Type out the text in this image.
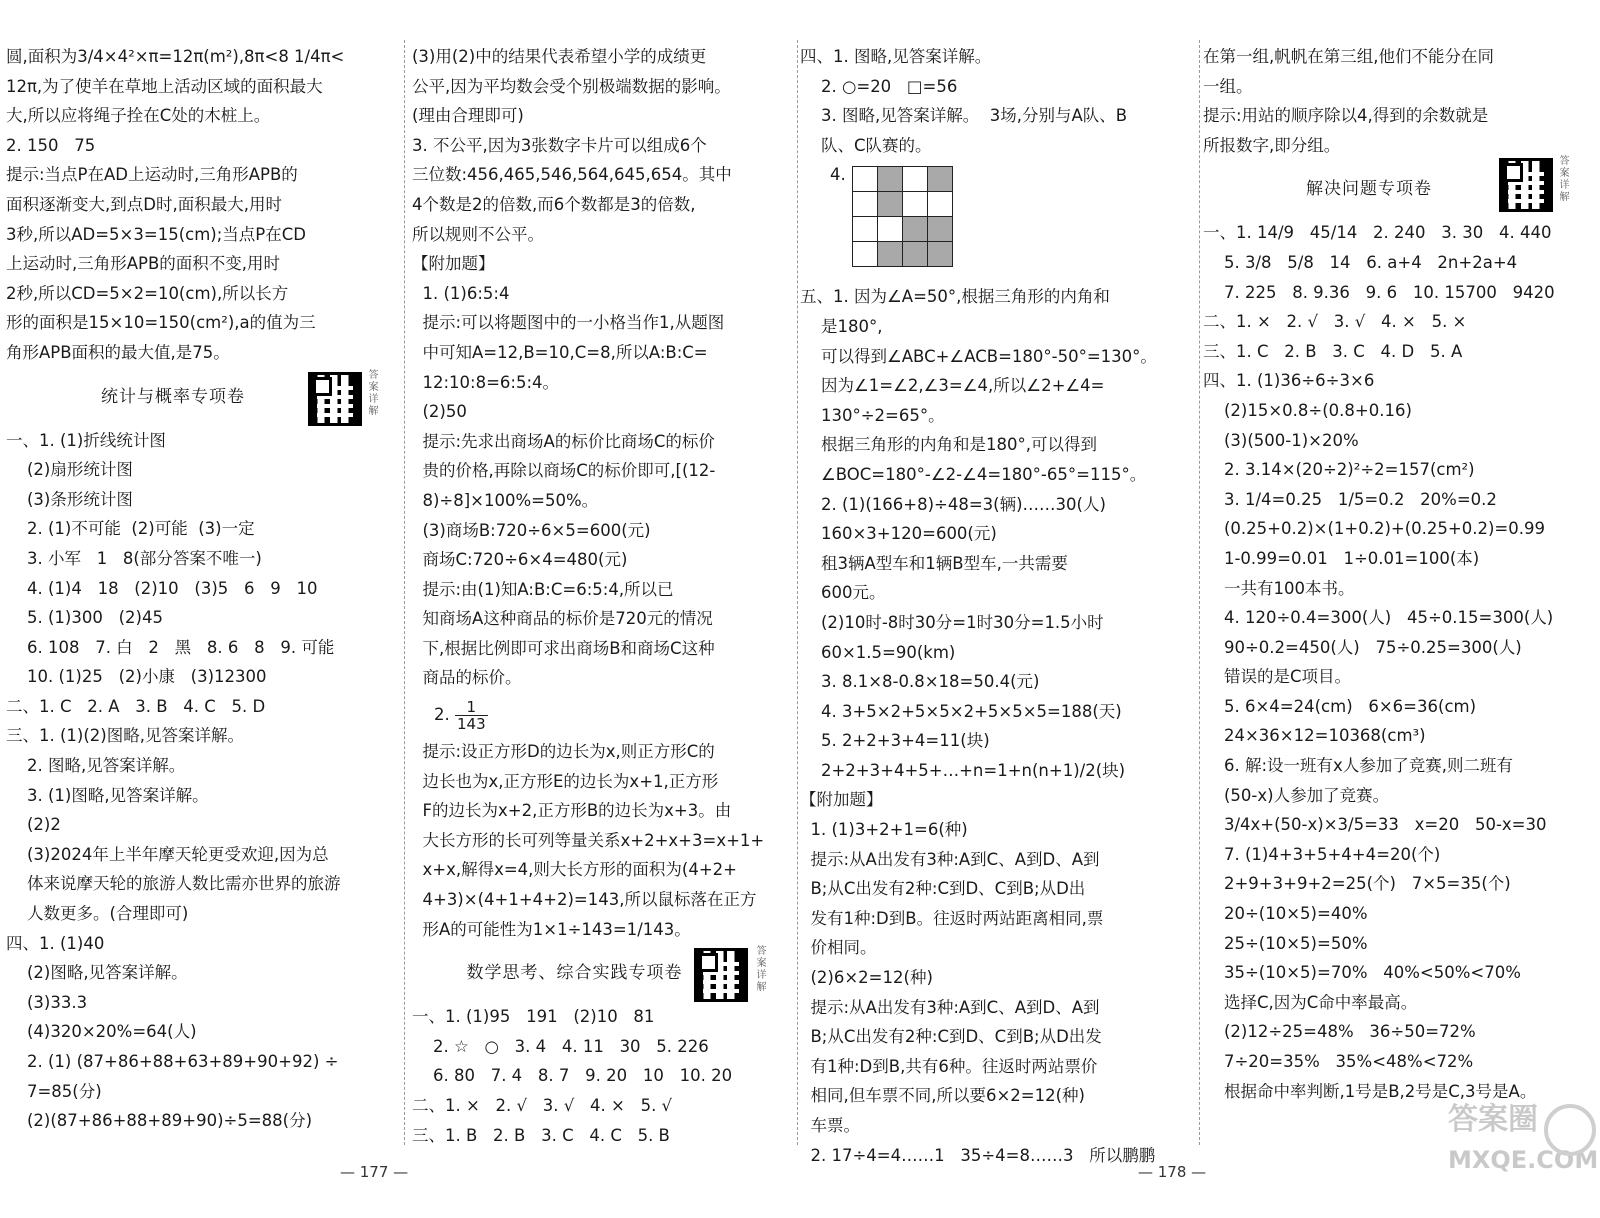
圆,面积为3/4×4²×π=12π(m²),8π<8 1/4π<
12π,为了使羊在草地上活动区域的面积最大
大,所以应将绳子拴在C处的木桩上。
2. 150   75
提示:当点P在AD上运动时,三角形APB的
面积逐渐变大,到点D时,面积最大,用时
3秒,所以AD=5×3=15(cm);当点P在CD
上运动时,三角形APB的面积不变,用时
2秒,所以CD=5×2=10(cm),所以长方
形的面积是15×10=150(cm²),a的值为三
角形APB面积的最大值,是75。
统计与概率专项卷
答案详解
一、1. (1)折线统计图
(2)扇形统计图
(3)条形统计图
2. (1)不可能  (2)可能  (3)一定
3. 小军   1   8(部分答案不唯一)
4. (1)4   18   (2)10   (3)5   6   9   10
5. (1)300   (2)45
6. 108   7. 白   2   黑   8. 6   8   9. 可能
10. (1)25   (2)小康   (3)12300
二、1. C   2. A   3. B   4. C   5. D
三、1. (1)(2)图略,见答案详解。
2. 图略,见答案详解。
3. (1)图略,见答案详解。
(2)2
(3)2024年上半年摩天轮更受欢迎,因为总
体来说摩天轮的旅游人数比需亦世界的旅游
人数更多。(合理即可)
四、1. (1)40
(2)图略,见答案详解。
(3)33.3
(4)320×20%=64(人)
2. (1) (87+86+88+63+89+90+92) ÷
7=85(分)
(2)(87+86+88+89+90)÷5=88(分)
(3)用(2)中的结果代表希望小学的成绩更
公平,因为平均数会受个别极端数据的影响。
(理由合理即可)
3. 不公平,因为3张数字卡片可以组成6个
三位数:456,465,546,564,645,654。其中
4个数是2的倍数,而6个数都是3的倍数,
所以规则不公平。
【附加题】
1. (1)6:5:4
提示:可以将题图中的一小格当作1,从题图
中可知A=12,B=10,C=8,所以A:B:C=
12:10:8=6:5:4。
(2)50
提示:先求出商场A的标价比商场C的标价
贵的价格,再除以商场C的标价即可,[(12-
8)÷8]×100%=50%。
(3)商场B:720÷6×5=600(元)
商场C:720÷6×4=480(元)
提示:由(1)知A:B:C=6:5:4,所以已
知商场A这种商品的标价是720元的情况
下,根据比例即可求出商场B和商场C这种
商品的标价。
2. $\frac{1}{143}$
提示:设正方形D的边长为x,则正方形C的
边长也为x,正方形E的边长为x+1,正方形
F的边长为x+2,正方形B的边长为x+3。由
大长方形的长可列等量关系x+2+x+3=x+1+
x+x,解得x=4,则大长方形的面积为(4+2+
4+3)×(4+1+4+2)=143,所以鼠标落在正方
形A的可能性为1×1÷143=1/143。
数学思考、综合实践专项卷
答案详解
一、1. (1)95   191   (2)10   81
2. ☆   ○   3. 4   4. 11   30   5. 226
6. 80   7. 4   8. 7   9. 20   10   10. 20
二、1. ×   2. √   3. √   4. ×   5. √
三、1. B   2. B   3. C   4. C   5. B
四、1. 图略,见答案详解。
2. ○=20   □=56
3. 图略,见答案详解。  3场,分别与A队、B
队、C队赛的。
4.
五、1. 因为∠A=50°,根据三角形的内角和
是180°,
可以得到∠ABC+∠ACB=180°-50°=130°。
因为∠1=∠2,∠3=∠4,所以∠2+∠4=
130°÷2=65°。
根据三角形的内角和是180°,可以得到
∠BOC=180°-∠2-∠4=180°-65°=115°。
2. (1)(166+8)÷48=3(辆)……30(人)
160×3+120=600(元)
租3辆A型车和1辆B型车,一共需要
600元。
(2)10时-8时30分=1时30分=1.5小时
60×1.5=90(km)
3. 8.1×8-0.8×18=50.4(元)
4. 3+5×2+5×5×2+5×5×5=188(天)
5. 2+2+3+4=11(块)
2+2+3+4+5+…+n=1+n(n+1)/2(块)
【附加题】
1. (1)3+2+1=6(种)
提示:从A出发有3种:A到C、A到D、A到
B;从C出发有2种:C到D、C到B;从D出
发有1种:D到B。往返时两站距离相同,票
价相同。
(2)6×2=12(种)
提示:从A出发有3种:A到C、A到D、A到
B;从C出发有2种:C到D、C到B;从D出发
有1种:D到B,共有6种。往返时两站票价
相同,但车票不同,所以要6×2=12(种)
车票。
2. 17÷4=4……1   35÷4=8……3   所以鹏鹏
在第一组,帆帆在第三组,他们不能分在同
一组。
提示:用站的顺序除以4,得到的余数就是
所报数字,即分组。
解决问题专项卷
答案详解
一、1. 14/9   45/14   2. 240   3. 30   4. 440
5. 3/8   5/8   14   6. a+4   2n+2a+4
7. 225   8. 9.36   9. 6   10. 15700   9420
二、1. ×   2. √   3. √   4. ×   5. ×
三、1. C   2. B   3. C   4. D   5. A
四、1. (1)36÷6÷3×6
(2)15×0.8÷(0.8+0.16)
(3)(500-1)×20%
2. 3.14×(20÷2)²÷2=157(cm²)
3. 1/4=0.25   1/5=0.2   20%=0.2
(0.25+0.2)×(1+0.2)+(0.25+0.2)=0.99
1-0.99=0.01   1÷0.01=100(本)
一共有100本书。
4. 120÷0.4=300(人)   45÷0.15=300(人)
90÷0.2=450(人)   75÷0.25=300(人)
错误的是C项目。
5. 6×4=24(cm)   6×6=36(cm)
24×36×12=10368(cm³)
6. 解:设一班有x人参加了竞赛,则二班有
(50-x)人参加了竞赛。
3/4x+(50-x)×3/5=33   x=20   50-x=30
7. (1)4+3+5+4+4=20(个)
2+9+3+9+2=25(个)   7×5=35(个)
20÷(10×5)=40%
25÷(10×5)=50%
35÷(10×5)=70%   40%<50%<70%
选择C,因为C命中率最高。
(2)12÷25=48%   36÷50=72%
7÷20=35%   35%<48%<72%
根据命中率判断,1号是B,2号是C,3号是A。
— 177 —	— 178 —
答案圈
MXQE.COM
